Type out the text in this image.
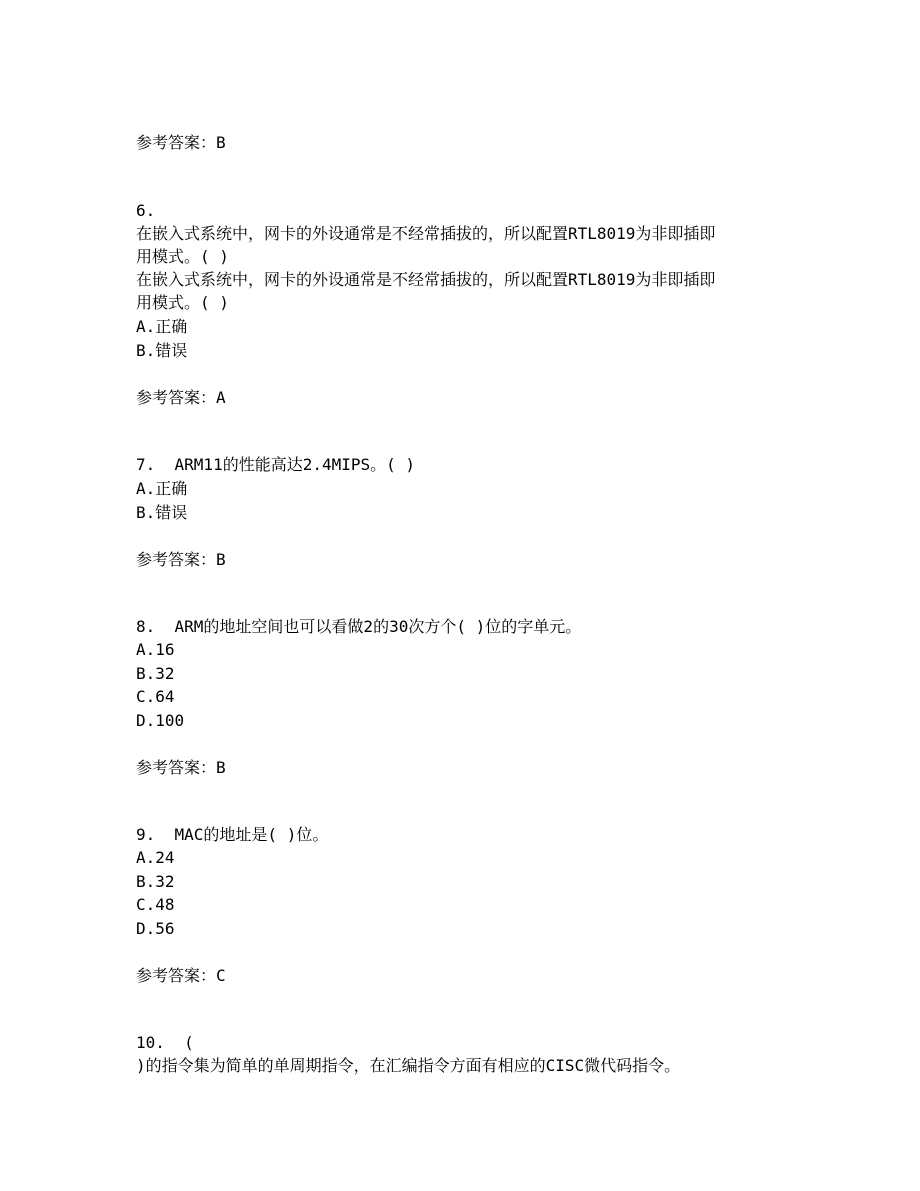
参考答案：B
6.
在嵌入式系统中，网卡的外设通常是不经常插拔的，所以配置RTL8019为非即插即
用模式。( )
在嵌入式系统中，网卡的外设通常是不经常插拔的，所以配置RTL8019为非即插即
用模式。( )
A.正确
B.错误
参考答案：A
7. ARM11的性能高达2.4MIPS。( )
A.正确
B.错误
参考答案：B
8. ARM的地址空间也可以看做2的30次方个( )位的字单元。
A.16
B.32
C.64
D.100
参考答案：B
9. MAC的地址是( )位。
A.24
B.32
C.48
D.56
参考答案：C
10. (
)的指令集为简单的单周期指令，在汇编指令方面有相应的CISC微代码指令。
